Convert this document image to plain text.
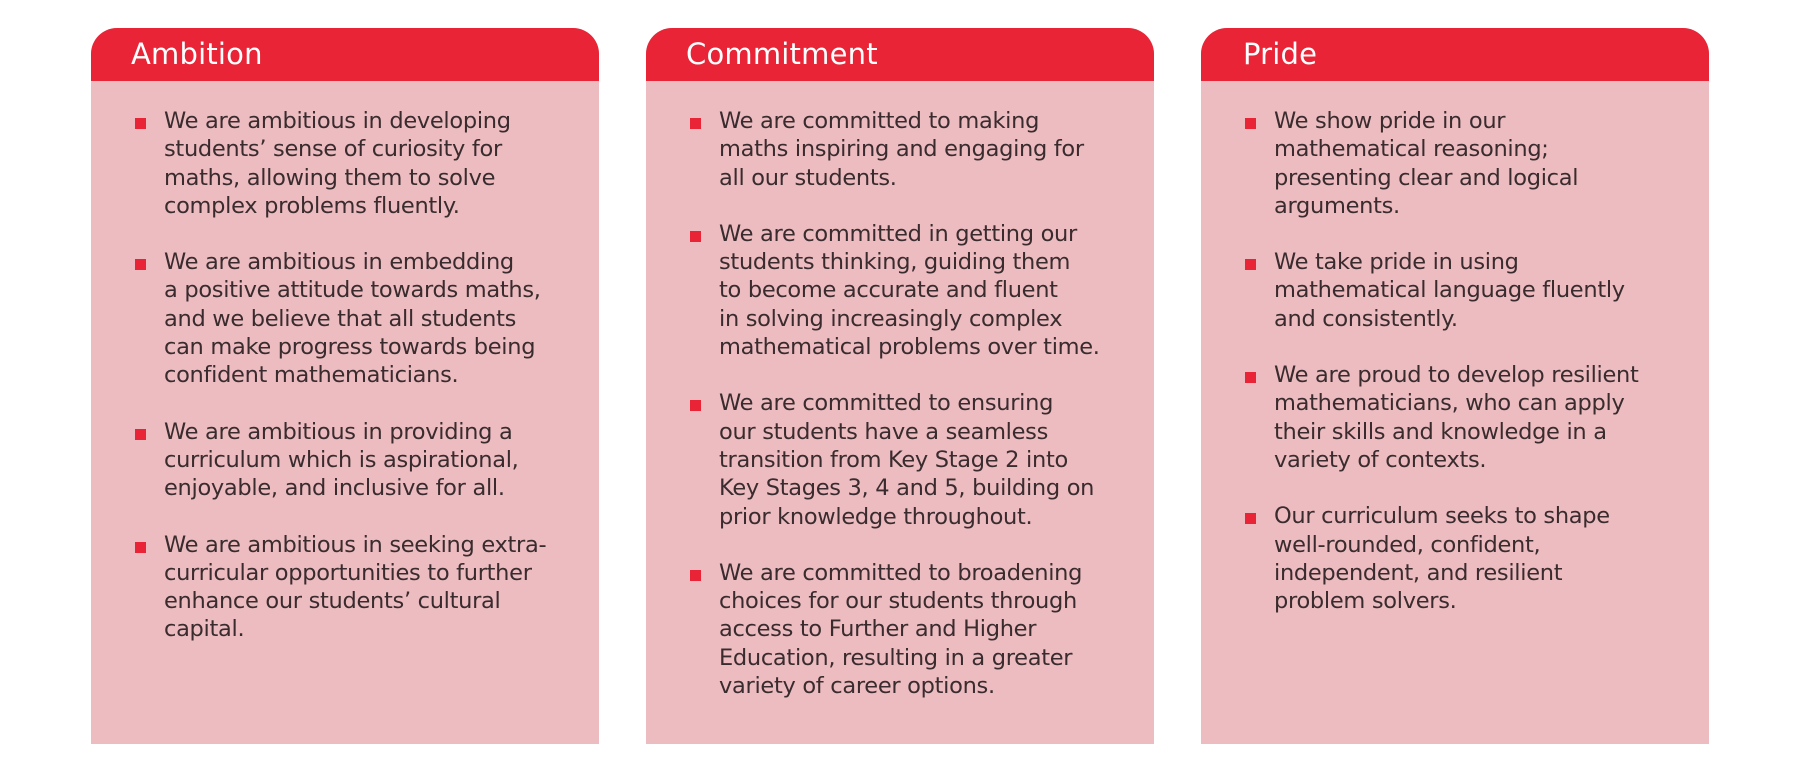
Ambition
We are ambitious in developing
students’ sense of curiosity for
maths, allowing them to solve
complex problems fluently.
We are ambitious in embedding
a positive attitude towards maths,
and we believe that all students
can make progress towards being
confident mathematicians.
We are ambitious in providing a
curriculum which is aspirational,
enjoyable, and inclusive for all.
We are ambitious in seeking extra-
curricular opportunities to further
enhance our students’ cultural
capital.
Commitment
We are committed to making
maths inspiring and engaging for
all our students.
We are committed in getting our
students thinking, guiding them
to become accurate and fluent
in solving increasingly complex
mathematical problems over time.
We are committed to ensuring
our students have a seamless
transition from Key Stage 2 into
Key Stages 3, 4 and 5, building on
prior knowledge throughout.
We are committed to broadening
choices for our students through
access to Further and Higher
Education, resulting in a greater
variety of career options.
Pride
We show pride in our
mathematical reasoning;
presenting clear and logical
arguments.
We take pride in using
mathematical language fluently
and consistently.
We are proud to develop resilient
mathematicians, who can apply
their skills and knowledge in a
variety of contexts.
Our curriculum seeks to shape
well-rounded, confident,
independent, and resilient
problem solvers.
